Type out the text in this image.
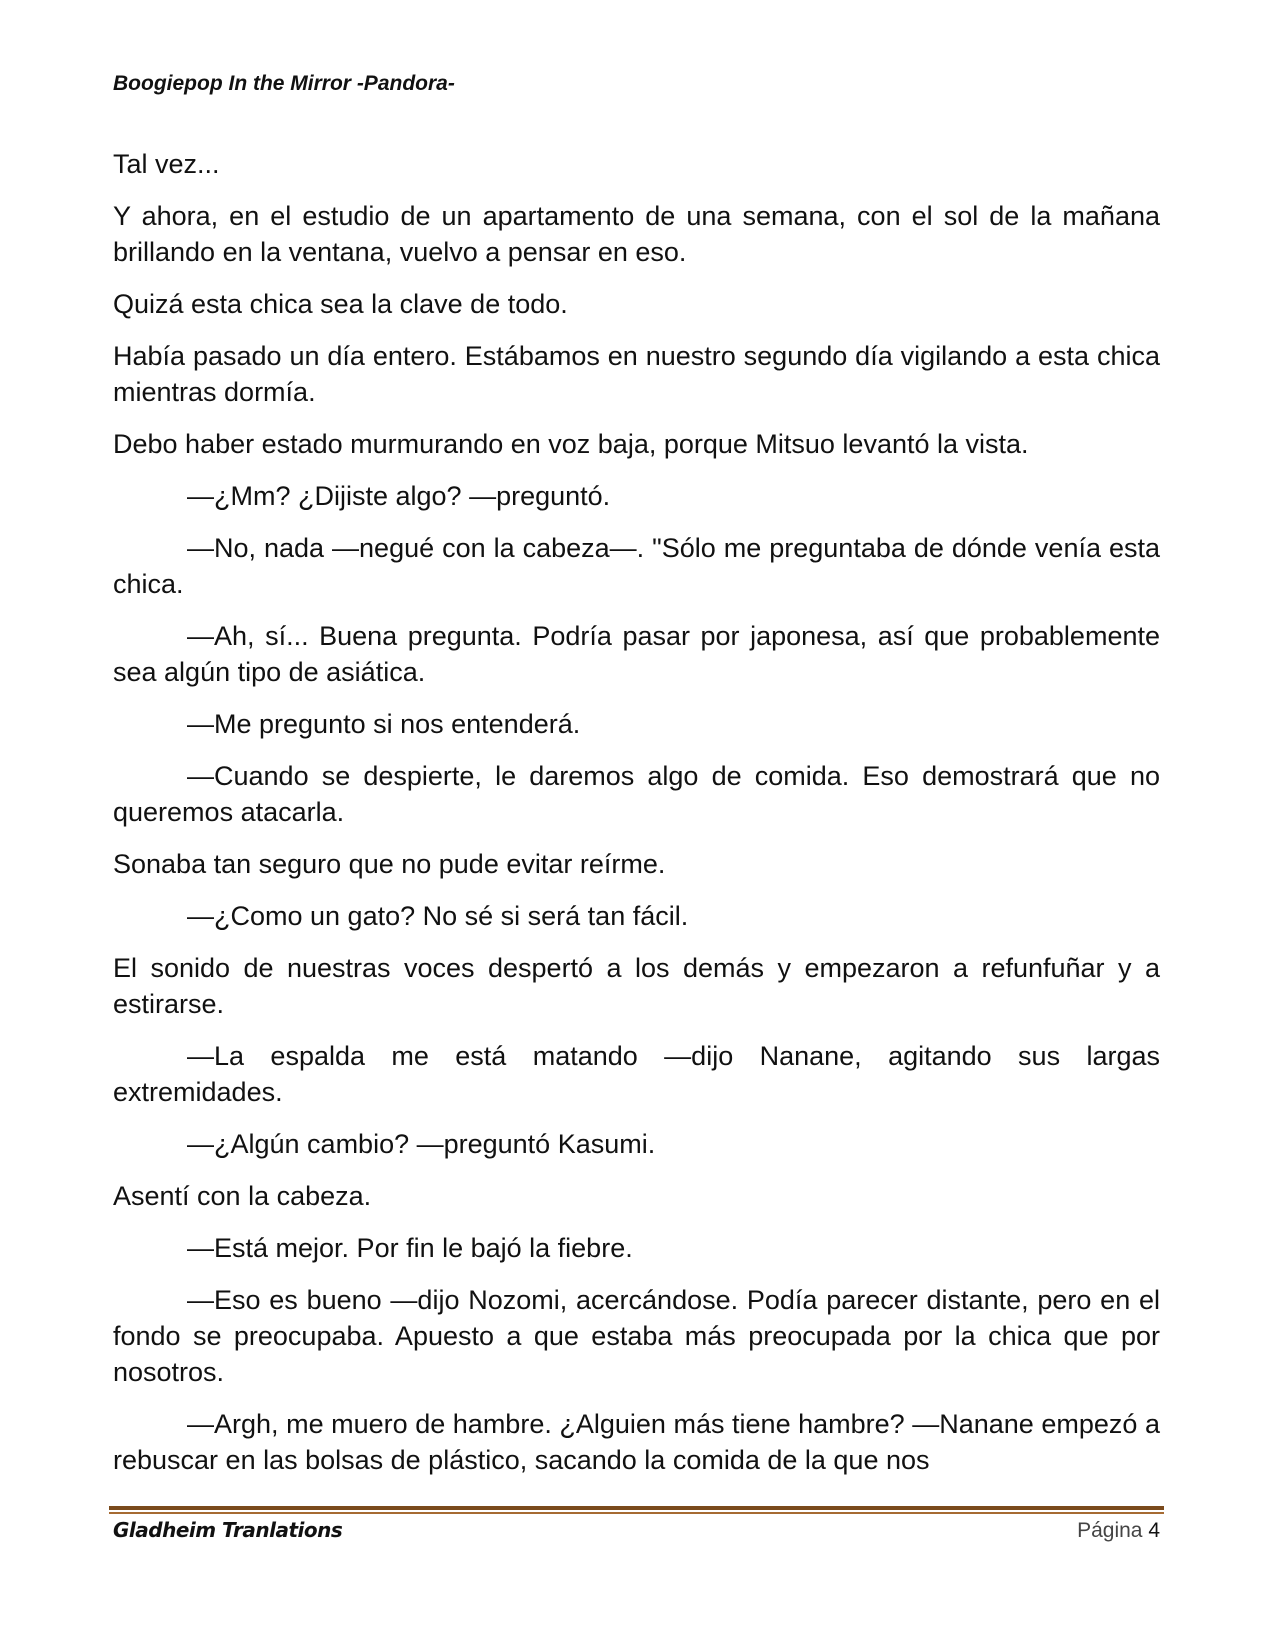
Boogiepop In the Mirror -Pandora-

Tal vez...

Y ahora, en el estudio de un apartamento de una semana, con el sol de la mañana brillando en la ventana, vuelvo a pensar en eso.

Quizá esta chica sea la clave de todo.

Había pasado un día entero. Estábamos en nuestro segundo día vigilando a esta chica mientras dormía.

Debo haber estado murmurando en voz baja, porque Mitsuo levantó la vista.

—¿Mm? ¿Dijiste algo? —preguntó.

—No, nada —negué con la cabeza—. "Sólo me preguntaba de dónde venía esta chica.

—Ah, sí... Buena pregunta. Podría pasar por japonesa, así que probablemente sea algún tipo de asiática.

—Me pregunto si nos entenderá.

—Cuando se despierte, le daremos algo de comida. Eso demostrará que no queremos atacarla.

Sonaba tan seguro que no pude evitar reírme.

—¿Como un gato? No sé si será tan fácil.

El sonido de nuestras voces despertó a los demás y empezaron a refunfuñar y a estirarse.

—La espalda me está matando —dijo Nanane, agitando sus largas extremidades.

—¿Algún cambio? —preguntó Kasumi.

Asentí con la cabeza.

—Está mejor. Por fin le bajó la fiebre.

—Eso es bueno —dijo Nozomi, acercándose. Podía parecer distante, pero en el fondo se preocupaba. Apuesto a que estaba más preocupada por la chica que por nosotros.

—Argh, me muero de hambre. ¿Alguien más tiene hambre? —Nanane empezó a rebuscar en las bolsas de plástico, sacando la comida de la que nos

Gladheim Tranlations	Página 4
